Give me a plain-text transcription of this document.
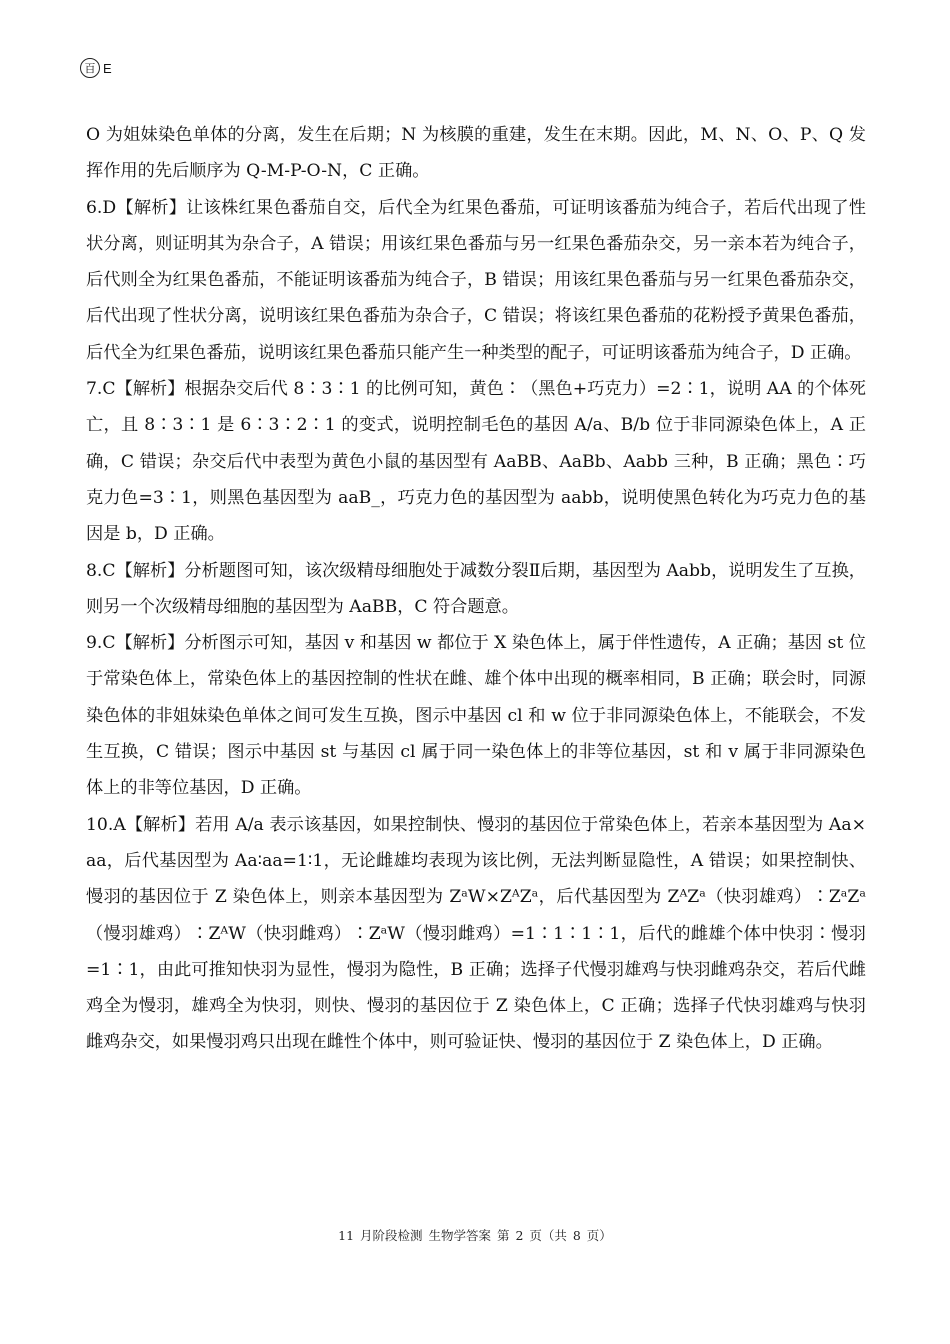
百 E

O 为姐妹染色单体的分离，发生在后期；N 为核膜的重建，发生在末期。因此，M、N、O、P、Q 发挥作用的先后顺序为 Q-M-P-O-N，C 正确。

6.D【解析】让该株红果色番茄自交，后代全为红果色番茄，可证明该番茄为纯合子，若后代出现了性状分离，则证明其为杂合子，A 错误；用该红果色番茄与另一红果色番茄杂交，另一亲本若为纯合子，后代则全为红果色番茄，不能证明该番茄为纯合子，B 错误；用该红果色番茄与另一红果色番茄杂交，后代出现了性状分离，说明该红果色番茄为杂合子，C 错误；将该红果色番茄的花粉授予黄果色番茄，后代全为红果色番茄，说明该红果色番茄只能产生一种类型的配子，可证明该番茄为纯合子，D 正确。

7.C【解析】根据杂交后代 8∶3∶1 的比例可知，黄色∶（黑色+巧克力）=2∶1，说明 AA 的个体死亡，且 8∶3∶1 是 6∶3∶2∶1 的变式，说明控制毛色的基因 A/a、B/b 位于非同源染色体上，A 正确，C 错误；杂交后代中表型为黄色小鼠的基因型有 AaBB、AaBb、Aabb 三种，B 正确；黑色∶巧克力色=3∶1，则黑色基因型为 aaB_，巧克力色的基因型为 aabb，说明使黑色转化为巧克力色的基因是 b，D 正确。

8.C【解析】分析题图可知，该次级精母细胞处于减数分裂Ⅱ后期，基因型为 Aabb，说明发生了互换，则另一个次级精母细胞的基因型为 AaBB，C 符合题意。

9.C【解析】分析图示可知，基因 v 和基因 w 都位于 X 染色体上，属于伴性遗传，A 正确；基因 st 位于常染色体上，常染色体上的基因控制的性状在雌、雄个体中出现的概率相同，B 正确；联会时，同源染色体的非姐妹染色单体之间可发生互换，图示中基因 cl 和 w 位于非同源染色体上，不能联会，不发生互换，C 错误；图示中基因 st 与基因 cl 属于同一染色体上的非等位基因，st 和 v 属于非同源染色体上的非等位基因，D 正确。

10.A【解析】若用 A/a 表示该基因，如果控制快、慢羽的基因位于常染色体上，若亲本基因型为 Aa×aa，后代基因型为 Aa∶aa=1∶1，无论雌雄均表现为该比例，无法判断显隐性，A 错误；如果控制快、慢羽的基因位于 Z 染色体上，则亲本基因型为 ZᵃW×ZᴬZᵃ，后代基因型为 ZᴬZᵃ（快羽雄鸡）∶ZᵃZᵃ（慢羽雄鸡）∶ZᴬW（快羽雌鸡）∶ZᵃW（慢羽雌鸡）=1∶1∶1∶1，后代的雌雄个体中快羽∶慢羽=1∶1，由此可推知快羽为显性，慢羽为隐性，B 正确；选择子代慢羽雄鸡与快羽雌鸡杂交，若后代雌鸡全为慢羽，雄鸡全为快羽，则快、慢羽的基因位于 Z 染色体上，C 正确；选择子代快羽雄鸡与快羽雌鸡杂交，如果慢羽鸡只出现在雌性个体中，则可验证快、慢羽的基因位于 Z 染色体上，D 正确。

11 月阶段检测 生物学答案 第 2 页（共 8 页）
